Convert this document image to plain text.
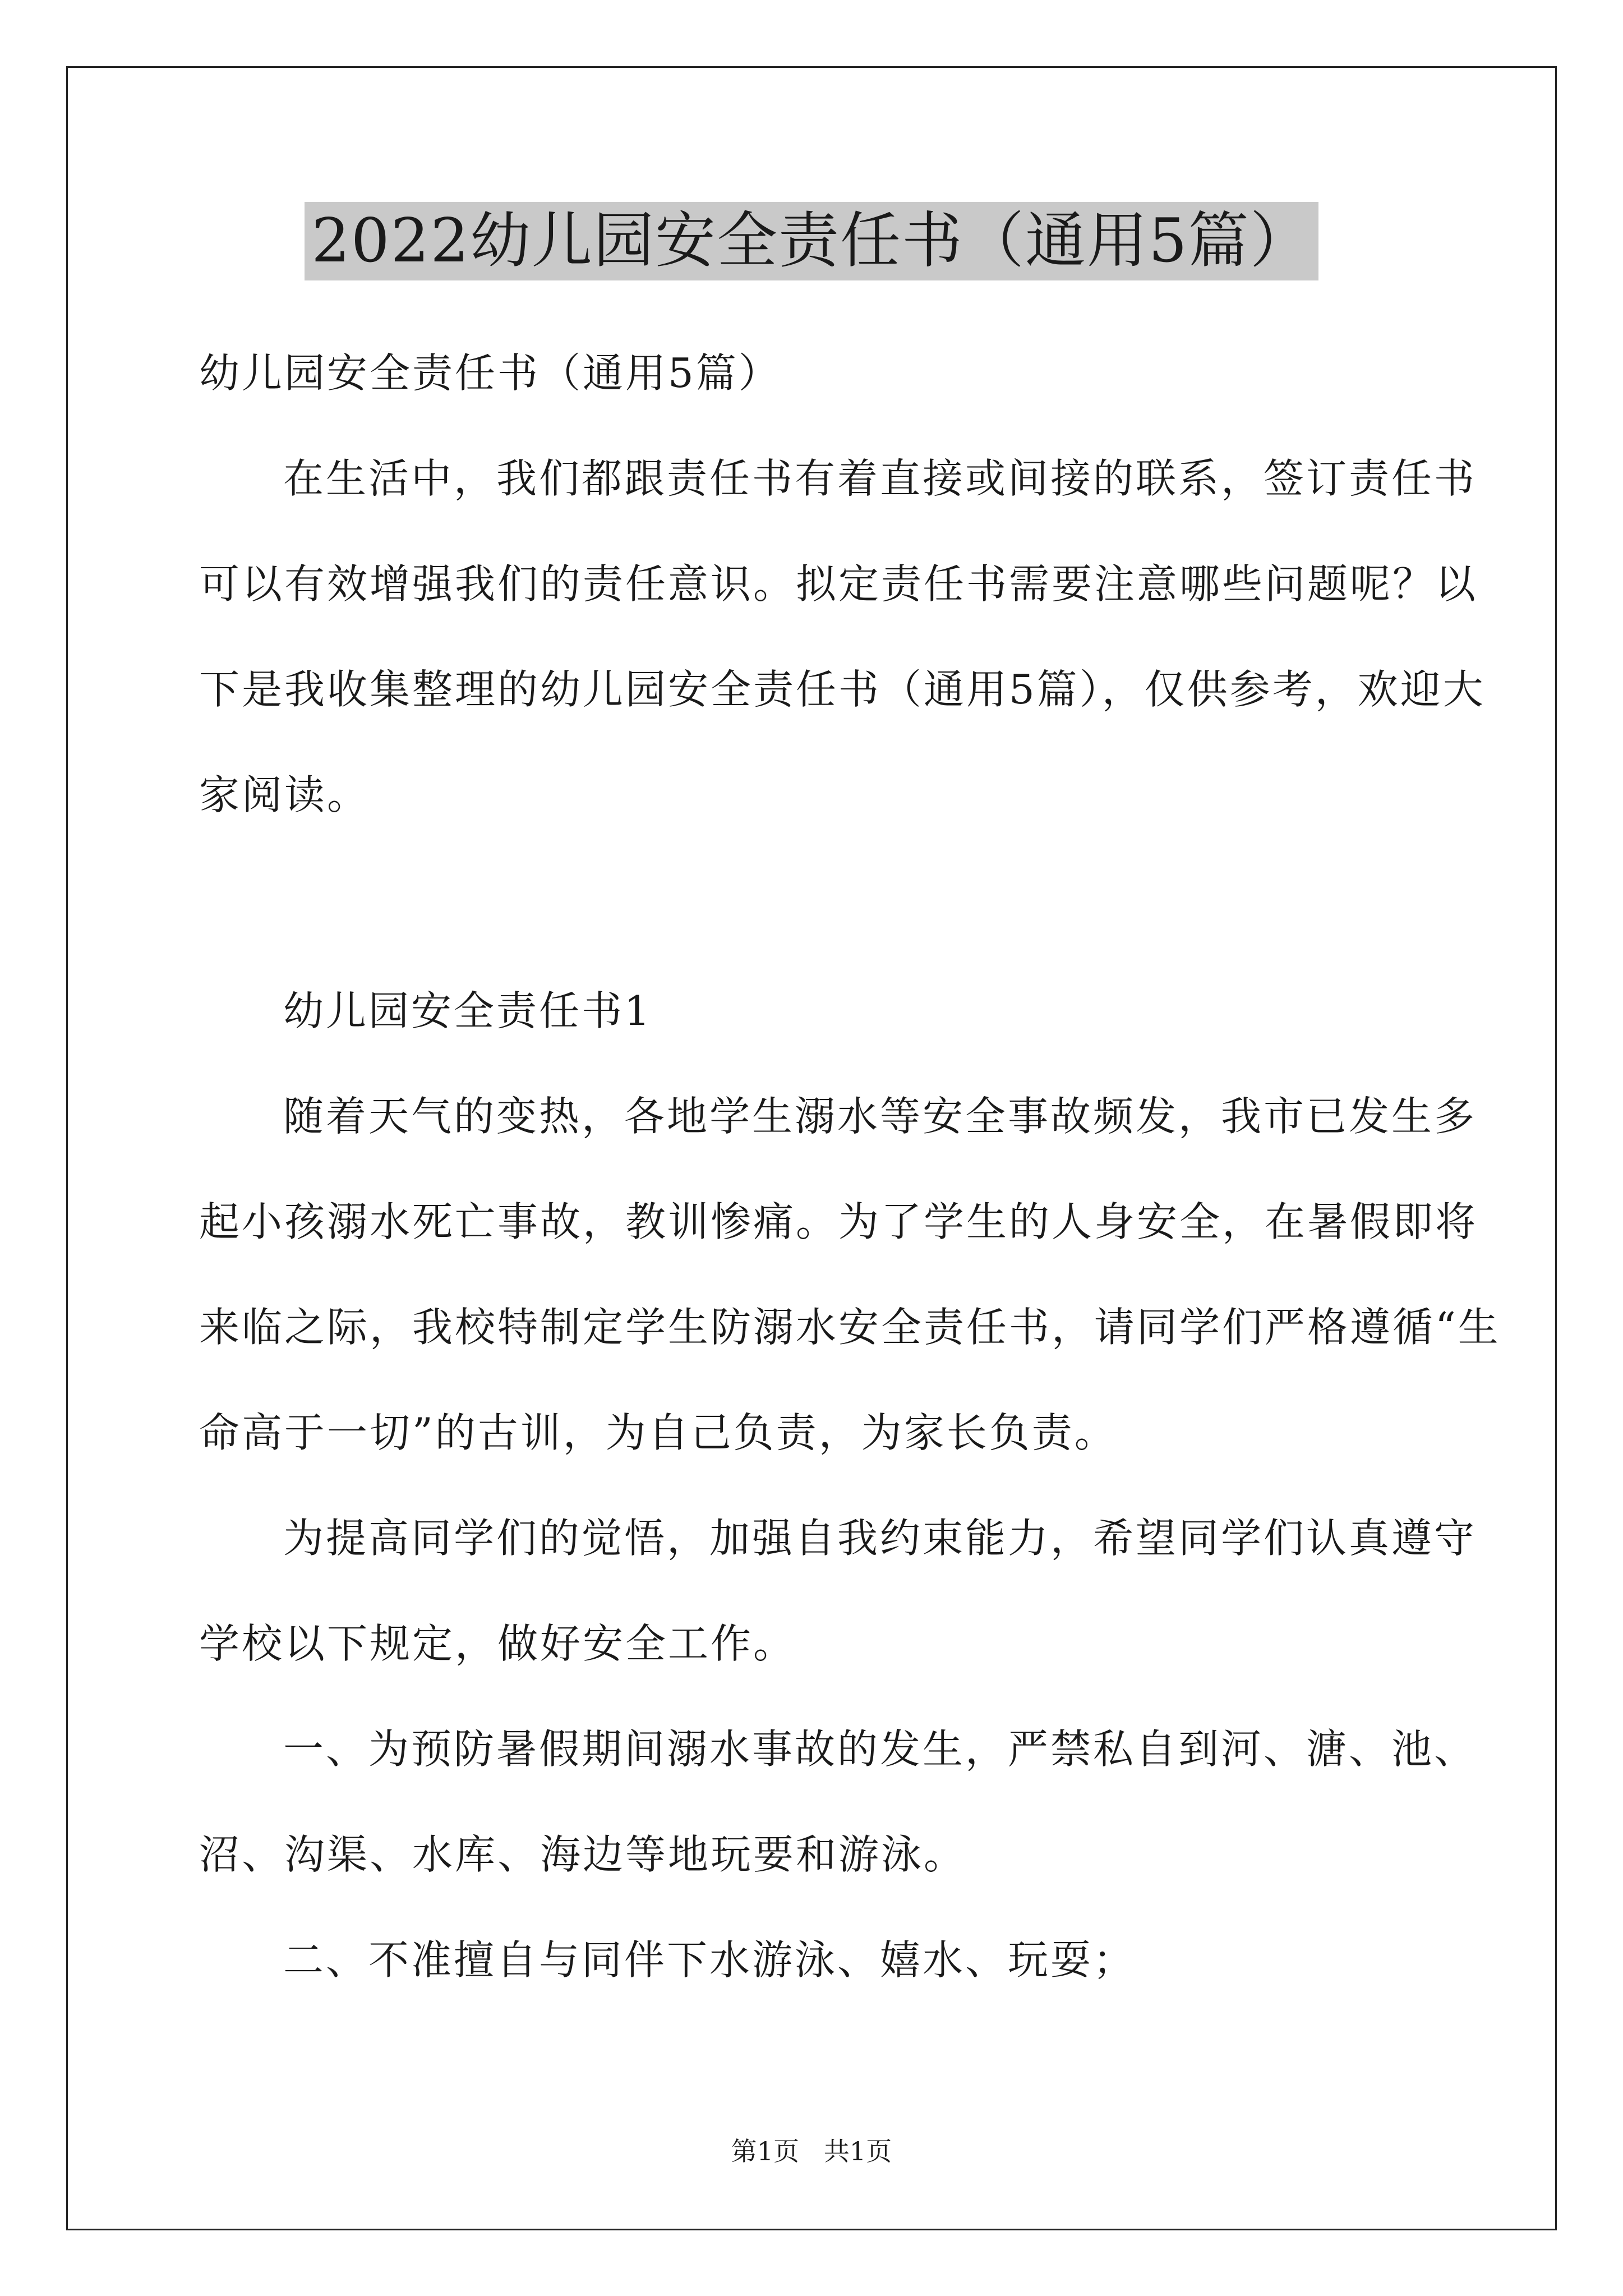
2022幼儿园安全责任书（通用5篇）
幼儿园安全责任书（通用5篇）
在生活中，我们都跟责任书有着直接或间接的联系，签订责任书
可以有效增强我们的责任意识。拟定责任书需要注意哪些问题呢？以
下是我收集整理的幼儿园安全责任书（通用5篇），仅供参考，欢迎大
家阅读。
幼儿园安全责任书1
随着天气的变热，各地学生溺水等安全事故频发，我市已发生多
起小孩溺水死亡事故，教训惨痛。为了学生的人身安全，在暑假即将
来临之际，我校特制定学生防溺水安全责任书，请同学们严格遵循“生
命高于一切”的古训，为自己负责，为家长负责。
为提高同学们的觉悟，加强自我约束能力，希望同学们认真遵守
学校以下规定，做好安全工作。
一、为预防暑假期间溺水事故的发生，严禁私自到河、溏、池、
沼、沟渠、水库、海边等地玩要和游泳。
二、不准擅自与同伴下水游泳、嬉水、玩耍；
第1页   共1页
